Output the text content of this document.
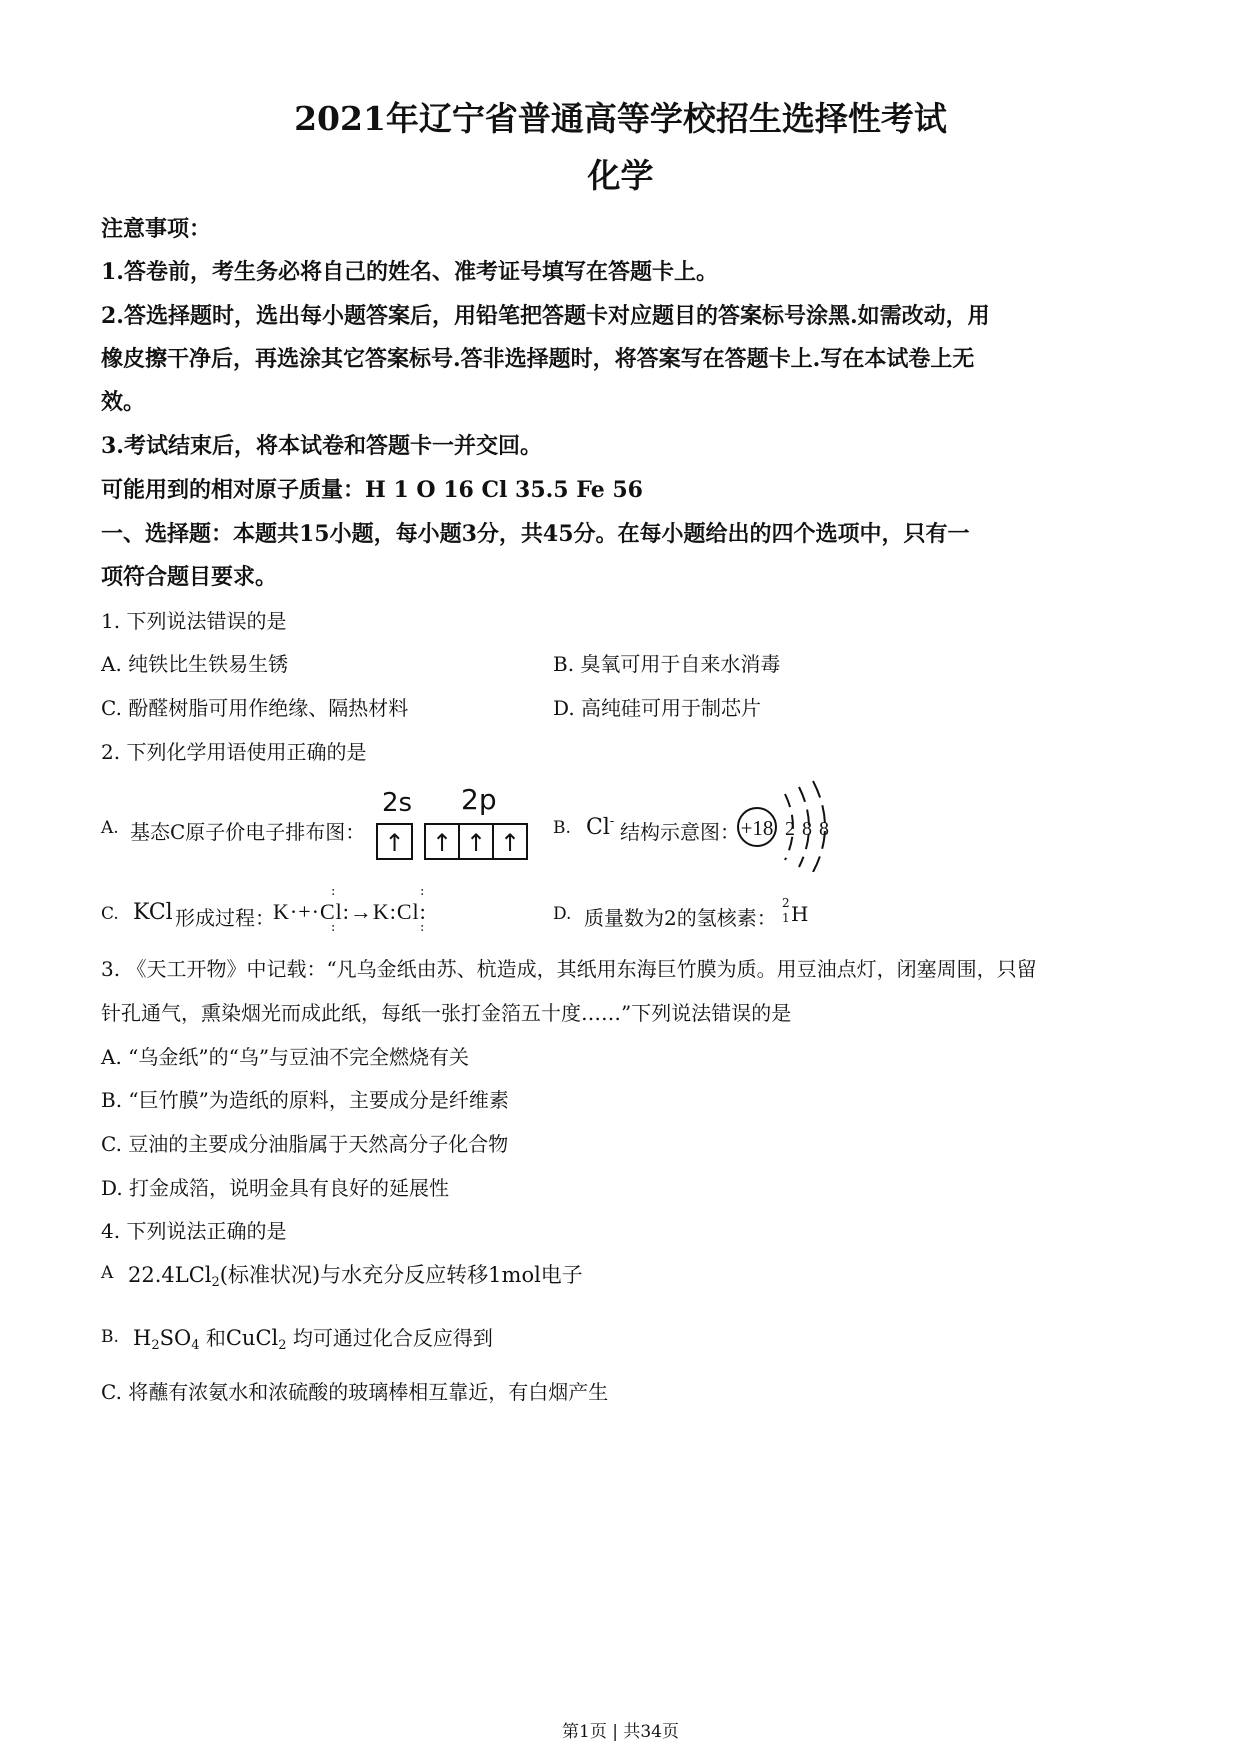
2021年辽宁省普通高等学校招生选择性考试
化学
注意事项：
1.答卷前，考生务必将自己的姓名、准考证号填写在答题卡上。
2.答选择题时，选出每小题答案后，用铅笔把答题卡对应题目的答案标号涂黑.如需改动，用
橡皮擦干净后，再选涂其它答案标号.答非选择题时，将答案写在答题卡上.写在本试卷上无
效。
3.考试结束后，将本试卷和答题卡一并交回。
可能用到的相对原子质量：H 1 O 16 Cl 35.5 Fe 56
一、选择题：本题共15小题，每小题3分，共45分。在每小题给出的四个选项中，只有一
项符合题目要求。
1. 下列说法错误的是
A. 纯铁比生铁易生锈	B. 臭氧可用于自来水消毒
C. 酚醛树脂可用作绝缘、隔热材料	D. 高纯硅可用于制芯片
2. 下列化学用语使用正确的是
A. 基态C原子价电子排布图：
2s 2p
↑ ↑ ↑ ↑
B. Cl- 结构示意图： +18 2 8 8
C. KCl 形成过程：
K·+·Cl:→K:Cl:
:
:
:
:
D. 质量数为2的氢核素：
2
1 H
3. 《天工开物》中记载：“凡乌金纸由苏、杭造成，其纸用东海巨竹膜为质。用豆油点灯，闭塞周围，只留
针孔通气，熏染烟光而成此纸，每纸一张打金箔五十度……”下列说法错误的是
A. “乌金纸”的“乌”与豆油不完全燃烧有关
B. “巨竹膜”为造纸的原料，主要成分是纤维素
C. 豆油的主要成分油脂属于天然高分子化合物
D. 打金成箔，说明金具有良好的延展性
4. 下列说法正确的是
A 22.4LCl$_2$(标准状况)与水充分反应转移1mol电子
B. $H_2SO_4$ 和CuCl$_2$ 均可通过化合反应得到
C. 将蘸有浓氨水和浓硫酸的玻璃棒相互靠近，有白烟产生
第1页 | 共34页
